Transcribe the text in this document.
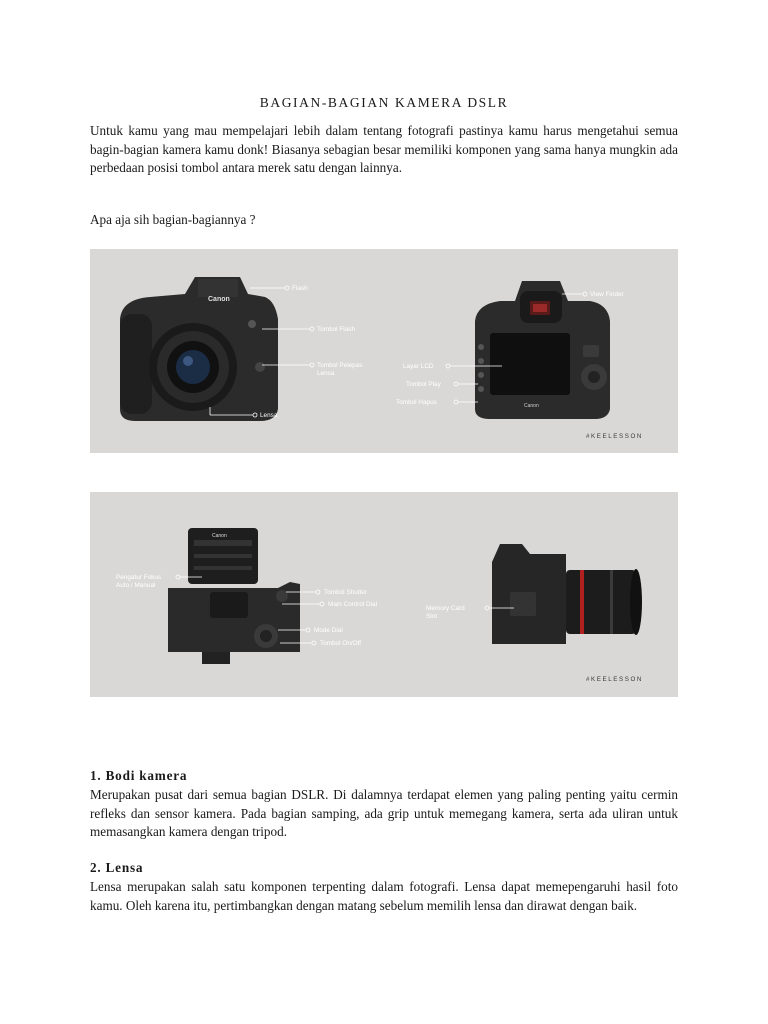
BAGIAN-BAGIAN KAMERA DSLR

Untuk kamu yang mau mempelajari lebih dalam tentang fotografi pastinya kamu harus mengetahui semua bagin-bagian kamera kamu donk! Biasanya sebagian besar memiliki komponen yang sama hanya mungkin ada perbedaan posisi tombol antara merek satu dengan lainnya.

Apa aja sih bagian-bagiannya ?
Canon
Flash
Tombol Flash
Tombol Pelepas
Lensa
Lensa
Canon
View Finder
Layar LCD
Tombol Play
Tombol Hapus
#KEELESSON
Canon
Pengatur Fokus
Auto / Manual
Tombol Shutter
Main Control Dial
Mode Dial
Tombol On/Off
Memory Card
Slot
#KEELESSON
1. Bodi kamera

Merupakan pusat dari semua bagian DSLR. Di dalamnya terdapat elemen yang paling penting yaitu cermin refleks dan sensor kamera. Pada bagian samping, ada grip untuk memegang kamera, serta ada uliran untuk memasangkan kamera dengan tripod.

2. Lensa

Lensa merupakan salah satu komponen terpenting dalam fotografi. Lensa dapat memepengaruhi hasil foto kamu. Oleh karena itu, pertimbangkan dengan matang sebelum memilih lensa dan dirawat dengan baik.
